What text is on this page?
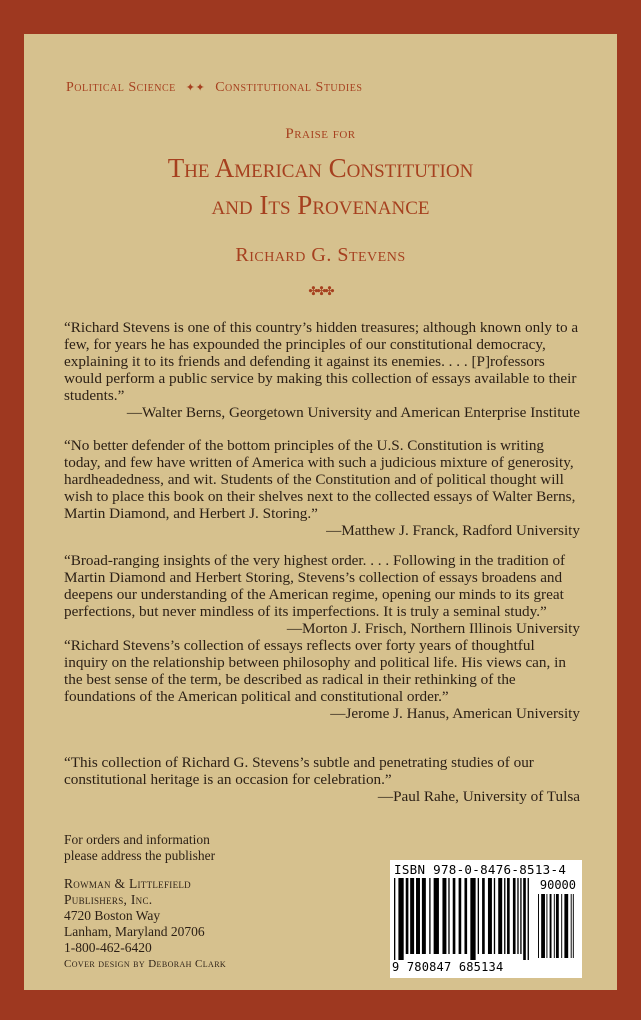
Political Science ✦✦ Constitutional Studies
Praise for
The American Constitution
and Its Provenance
Richard G. Stevens
✤✤✤
“Richard Stevens is one of this country’s hidden treasures; although known only to a few, for years he has expounded the principles of our constitutional democracy, explaining it to its friends and defending it against its enemies. . . . [P]rofessors would perform a public service by making this collection of essays available to their students.”
—Walter Berns, Georgetown University and American Enterprise Institute
“No better defender of the bottom principles of the U.S. Constitution is writing today, and few have written of America with such a judicious mixture of generosity, hardheadedness, and wit. Students of the Constitution and of political thought will wish to place this book on their shelves next to the collected essays of Walter Berns, Martin Diamond, and Herbert J. Storing.”
—Matthew J. Franck, Radford University
“Broad-ranging insights of the very highest order. . . . Following in the tradition of Martin Diamond and Herbert Storing, Stevens’s collection of essays broadens and deepens our understanding of the American regime, opening our minds to its great perfections, but never mindless of its imperfections. It is truly a seminal study.”
—Morton J. Frisch, Northern Illinois University
“Richard Stevens’s collection of essays reflects over forty years of thoughtful inquiry on the relationship between philosophy and political life. His views can, in the best sense of the term, be described as radical in their rethinking of the foundations of the American political and constitutional order.”
—Jerome J. Hanus, American University
“This collection of Richard G. Stevens’s subtle and penetrating studies of our constitutional heritage is an occasion for celebration.”
—Paul Rahe, University of Tulsa
For orders and information
please address the publisher
Rowman & Littlefield
Publishers, Inc.
4720 Boston Way
Lanham, Maryland 20706
1-800-462-6420
Cover design by Deborah Clark
ISBN 978-0-8476-8513-4
90000
9 780847 685134
